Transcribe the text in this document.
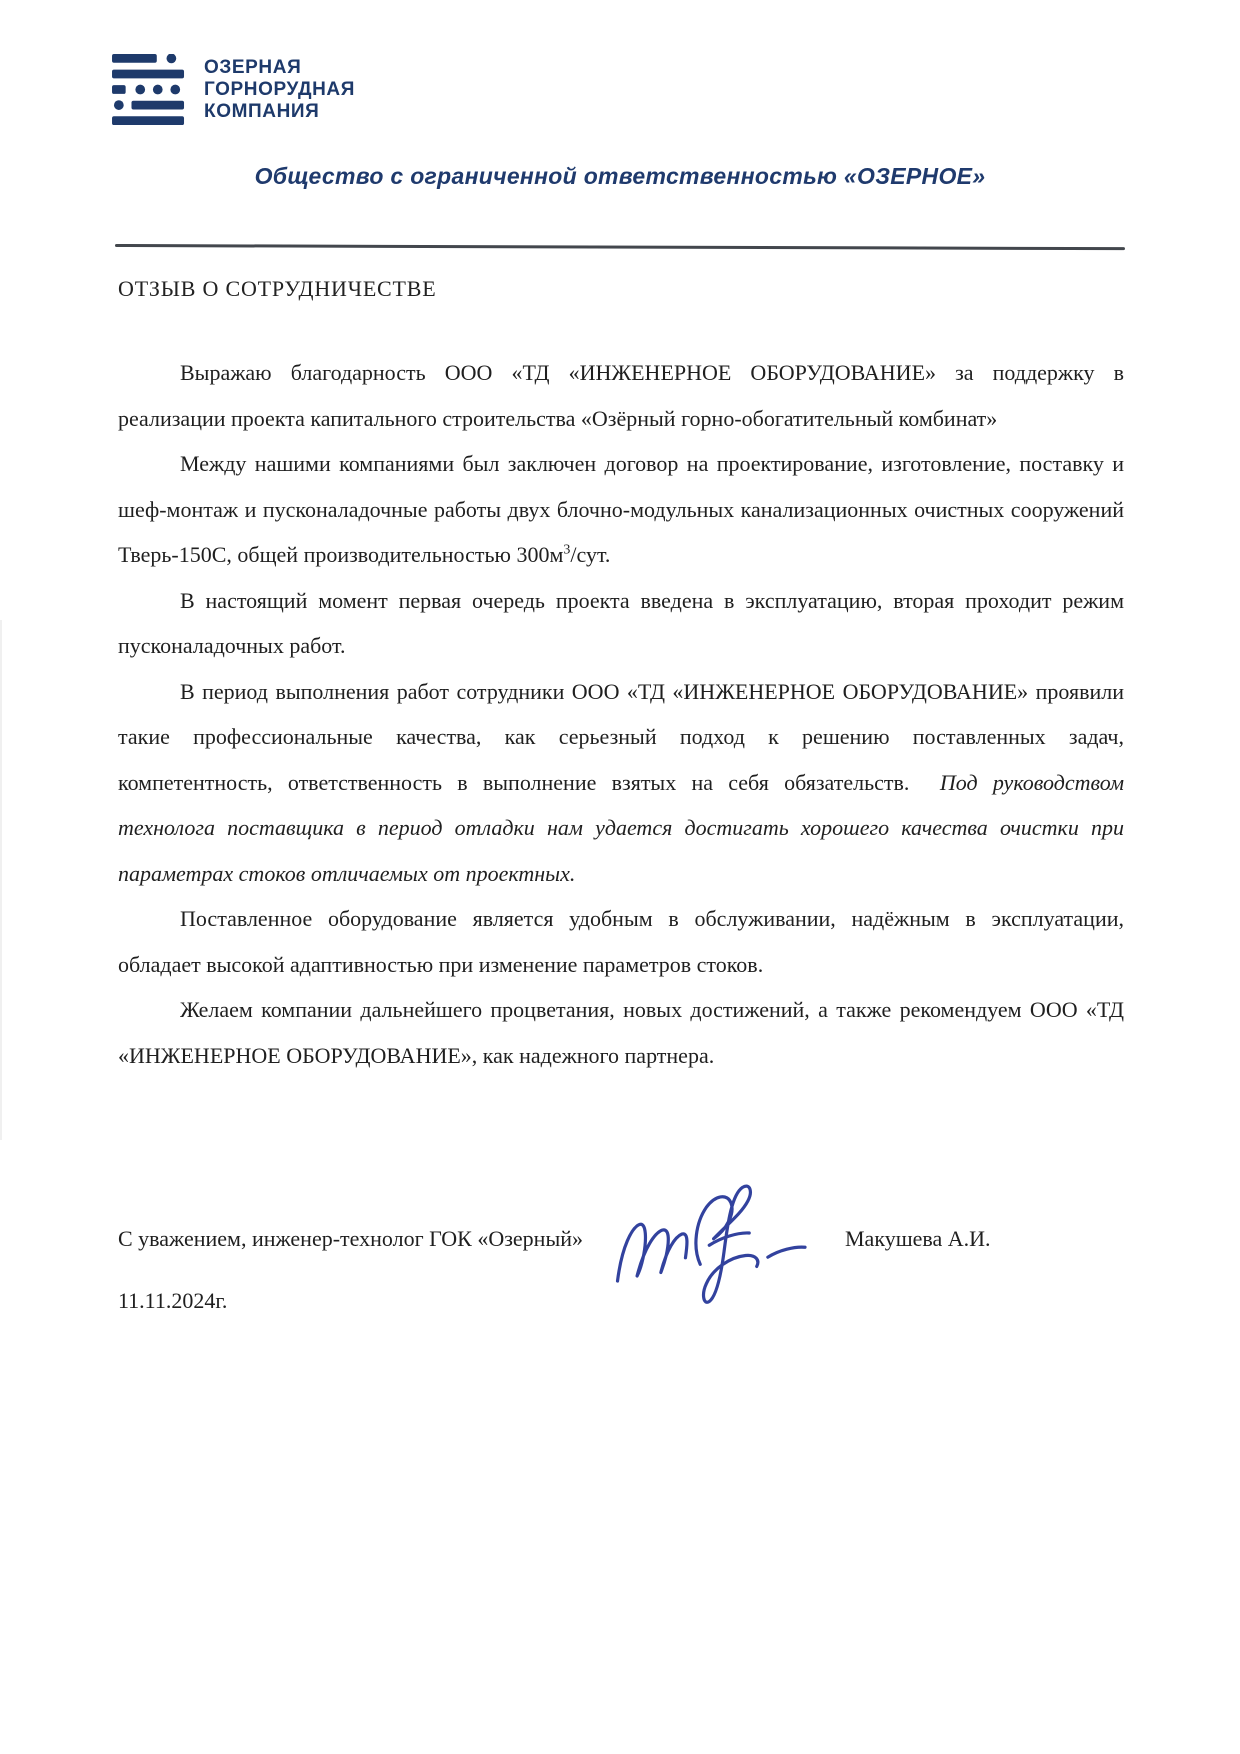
ОЗЕРНАЯ
ГОРНОРУДНАЯ
КОМПАНИЯ
Общество с ограниченной ответственностью «ОЗЕРНОЕ»
ОТЗЫВ О СОТРУДНИЧЕСТВЕ

Выражаю благодарность ООО «ТД «ИНЖЕНЕРНОЕ ОБОРУДОВАНИЕ» за поддержку в реализации проекта капитального строительства «Озёрный горно-обогатительный комбинат»

Между нашими компаниями был заключен договор на проектирование, изготовление, поставку и шеф-монтаж и пусконаладочные работы двух блочно-модульных канализационных очистных сооружений Тверь-150С, общей производительностью $300м^3$/сут.

В настоящий момент первая очередь проекта введена в эксплуатацию, вторая проходит режим пусконаладочных работ.

В период выполнения работ сотрудники ООО «ТД «ИНЖЕНЕРНОЕ ОБОРУДОВАНИЕ» проявили такие профессиональные качества, как серьезный подход к решению поставленных задач, компетентность, ответственность в выполнение взятых на себя обязательств. Под руководством технолога поставщика в период отладки нам удается достигать хорошего качества очистки при параметрах стоков отличаемых от проектных.

Поставленное оборудование является удобным в обслуживании, надёжным в эксплуатации, обладает высокой адаптивностью при изменение параметров стоков.

Желаем компании дальнейшего процветания, новых достижений, а также рекомендуем ООО «ТД «ИНЖЕНЕРНОЕ ОБОРУДОВАНИЕ», как надежного партнера.

С уважением, инженер-технолог ГОК «Озерный»	Макушева А.И.
11.11.2024г.
